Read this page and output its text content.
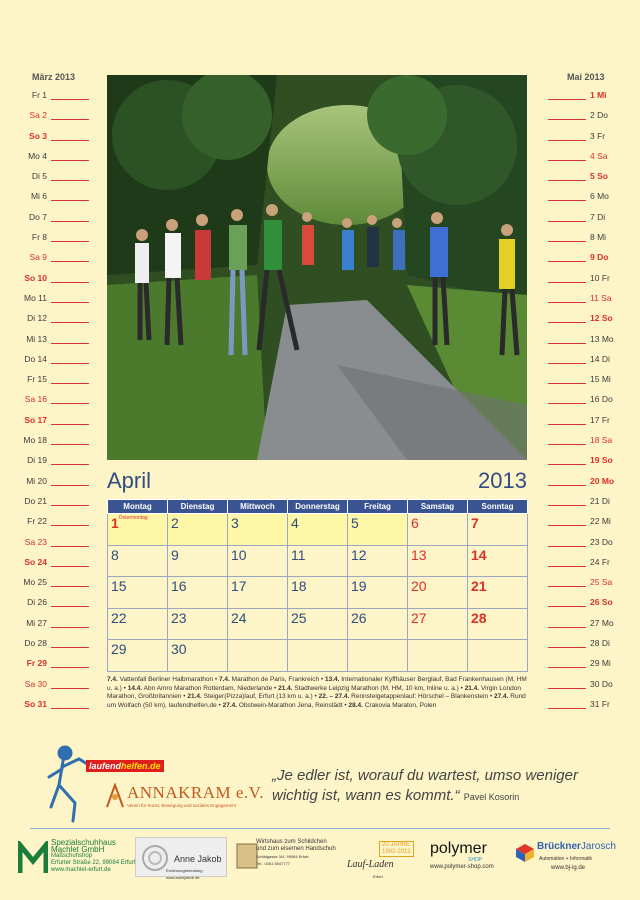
März 2013
Fr 1
Sa 2
So 3
Mo 4
Di 5
Mi 6
Do 7
Fr 8
Sa 9
So 10
Mo 11
Di 12
Mi 13
Do 14
Fr 15
Sa 16
So 17
Mo 18
Di 19
Mi 20
Do 21
Fr 22
Sa 23
So 24
Mo 25
Di 26
Mi 27
Do 28
Fr 29
Sa 30
So 31
Mai 2013
1 Mi
2 Do
3 Fr
4 Sa
5 So
6 Mo
7 Di
8 Mi
9 Do
10 Fr
11 Sa
12 So
13 Mo
14 Di
15 Mi
16 Do
17 Fr
18 Sa
19 So
20 Mo
21 Di
22 Mi
23 Do
24 Fr
25 Sa
26 So
27 Mo
28 Di
29 Mi
30 Do
31 Fr
April	2013
Montag	Dienstag	Mittwoch	Donnerstag	Freitag	Samstag	Sonntag
$1^{Ostermontag}$	2	3	4	5	6	7
8	9	10	11	12	13	14
15	16	17	18	19	20	21
22	23	24	25	26	27	28
29	30					
7.4. Vattenfall Berliner Halbmarathon • 7.4. Marathon de Paris, Frankreich • 13.4. Internationaler Kyffhäuser Berglauf, Bad Frankenhausen (M, HM u. a.) • 14.4. Abn Amro Marathon Rotterdam, Niederlande • 21.4. Stadtwerke Leipzig Marathon (M, HM, 10 km, Inline u. a.) • 21.4. Virgin London Marathon, Großbritannien • 21.4. Steiger(Pizza)lauf, Erfurt (13 km u. a.) • 22. – 27.4. Rennsteigetappenlauf: Hörschel – Blankenstein • 27.4. Rund um Wolfach (50 km), laufendhelfen.de • 27.4. Obstwein-Marathon Jena, Reinstädt • 28.4. Crakovia Maraton, Polen
laufendhelfen.de
ANNAKRAM e.V.
Verein für Kunst, Bewegung und soziales Engagement
„Je edler ist, worauf du wartest, umso weniger wichtig ist, wann es kommt.“ Pavel Kosorin
Spezialschuhhaus
Machlet GmbH
Maßschuhshop
Erfurter Straße 22, 99084 Erfurt
www.machlet-erfurt.de
Anne Jakob
Ernährungsberatung · www.annejakob.de
Wirtshaus zum Schildchen
und zum eisernen Handschuh
Schildgasse 3/4, 99084 Erfurt
Tel.: 0361 5547777
20 JAHRE
1992-2012
Lauf-Laden
Erfurt
polymer
SHOP
www.polymer-shop.com
BrücknerJarosch
Automation + Informatik
www.bj-ig.de
